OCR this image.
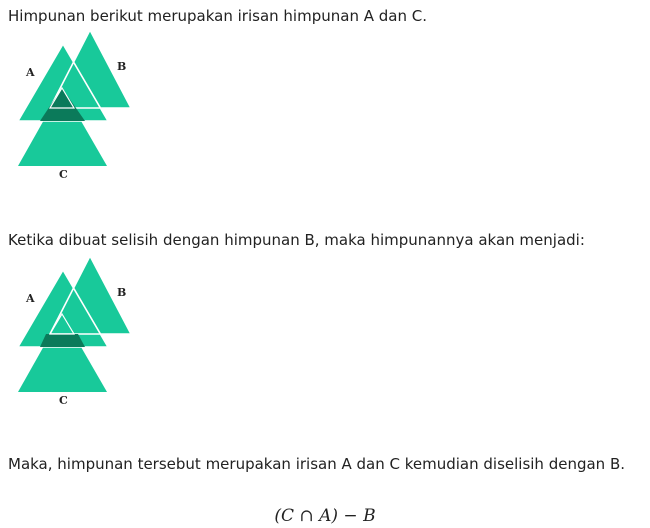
Himpunan berikut merupakan irisan himpunan A dan C.

A	B
C

Ketika dibuat selisih dengan himpunan B, maka himpunannya akan menjadi:

A	B
C

Maka, himpunan tersebut merupakan irisan A dan C kemudian diselisih dengan B.

(C ∩ A) − B
